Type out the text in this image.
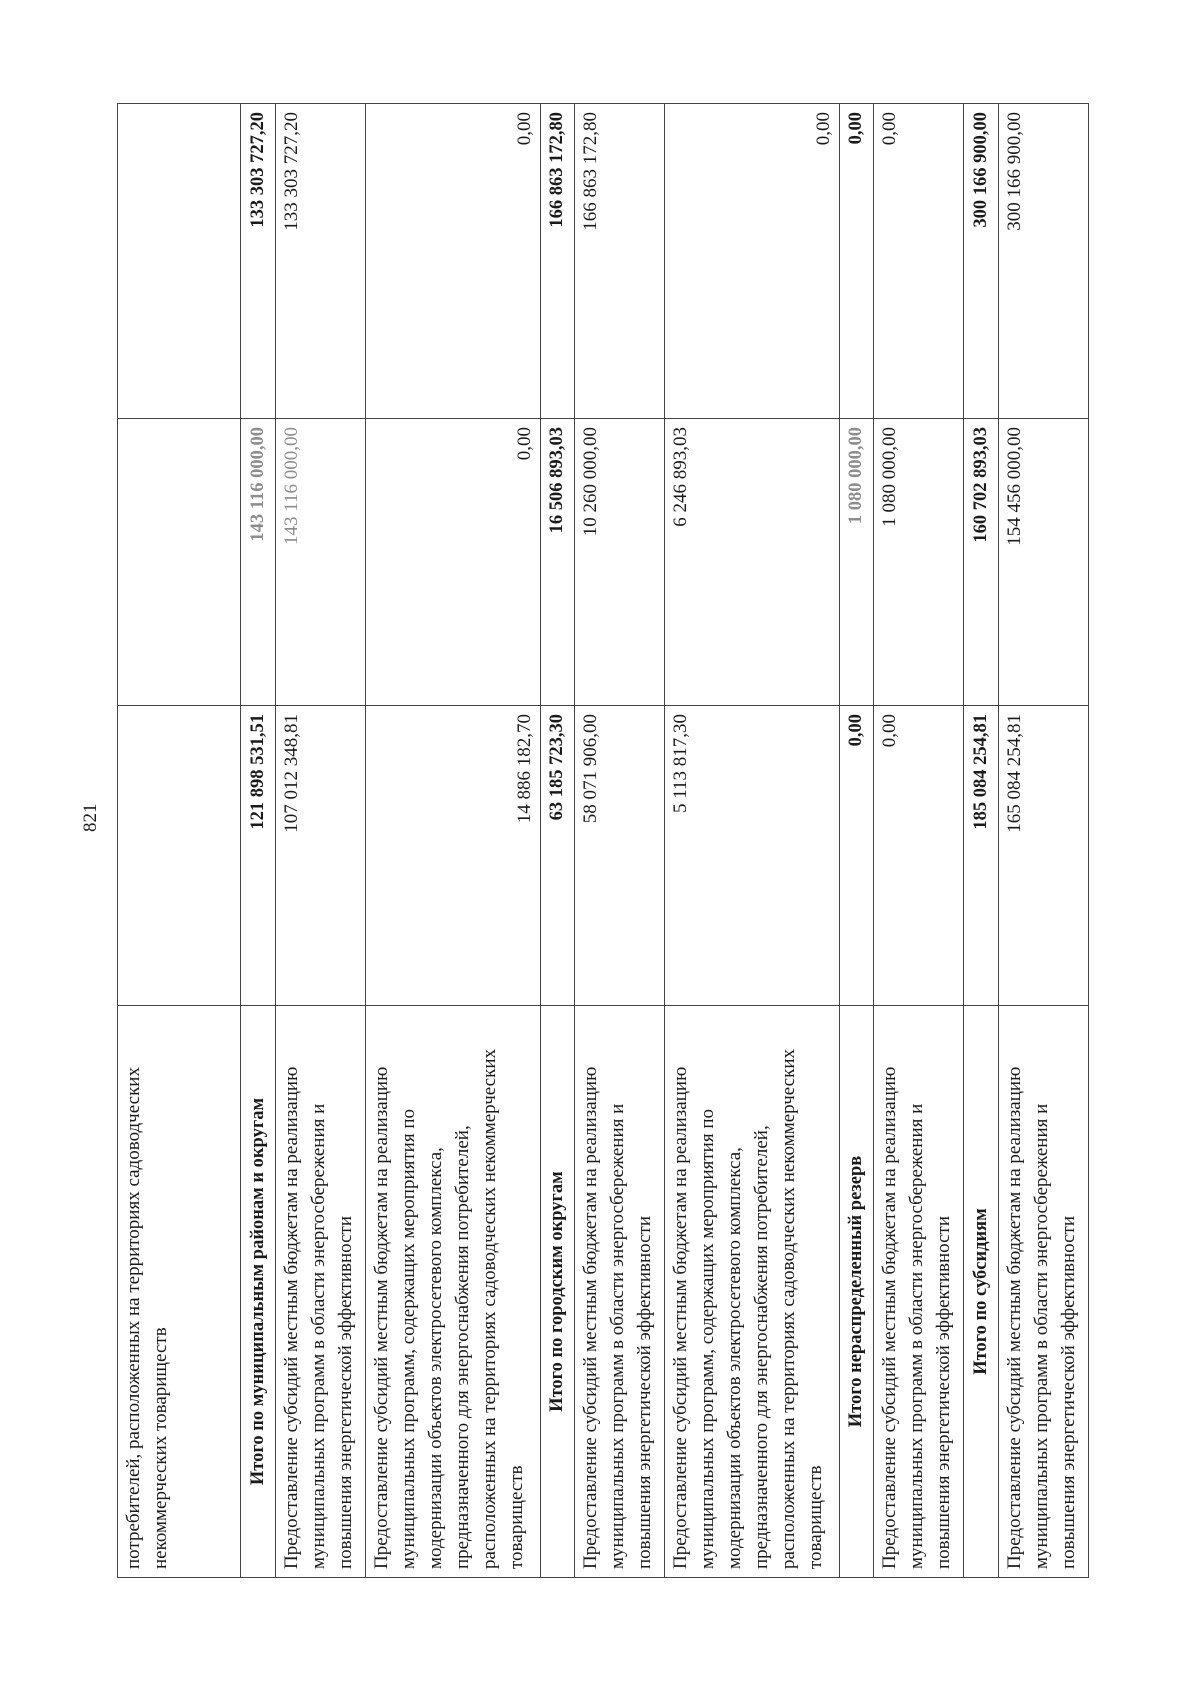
821
потребителей, расположенных на территориях садоводческих некоммерческих товариществ			
Итого по муниципальным районам и округам	121 898 531,51	143 116 000,00	133 303 727,20
Предоставление субсидий местным бюджетам на реализацию муниципальных программ в области энергосбережения и повышения энергетической эффективности	107 012 348,81	143 116 000,00	133 303 727,20
Предоставление субсидий местным бюджетам на реализацию муниципальных программ, содержащих мероприятия по модернизации объектов электросетевого комплекса, предназначенного для энергоснабжения потребителей, расположенных на территориях садоводческих некоммерческих товариществ	14 886 182,70	0,00	0,00
Итого по городским округам	63 185 723,30	16 506 893,03	166 863 172,80
Предоставление субсидий местным бюджетам на реализацию муниципальных программ в области энергосбережения и повышения энергетической эффективности	58 071 906,00	10 260 000,00	166 863 172,80
Предоставление субсидий местным бюджетам на реализацию муниципальных программ, содержащих мероприятия по модернизации объектов электросетевого комплекса, предназначенного для энергоснабжения потребителей, расположенных на территориях садоводческих некоммерческих товариществ	5 113 817,30	6 246 893,03	0,00
Итого нераспределенный резерв	0,00	1 080 000,00	0,00
Предоставление субсидий местным бюджетам на реализацию муниципальных программ в области энергосбережения и повышения энергетической эффективности	0,00	1 080 000,00	0,00
Итого по субсидиям	185 084 254,81	160 702 893,03	300 166 900,00
Предоставление субсидий местным бюджетам на реализацию муниципальных программ в области энергосбережения и повышения энергетической эффективности	165 084 254,81	154 456 000,00	300 166 900,00
